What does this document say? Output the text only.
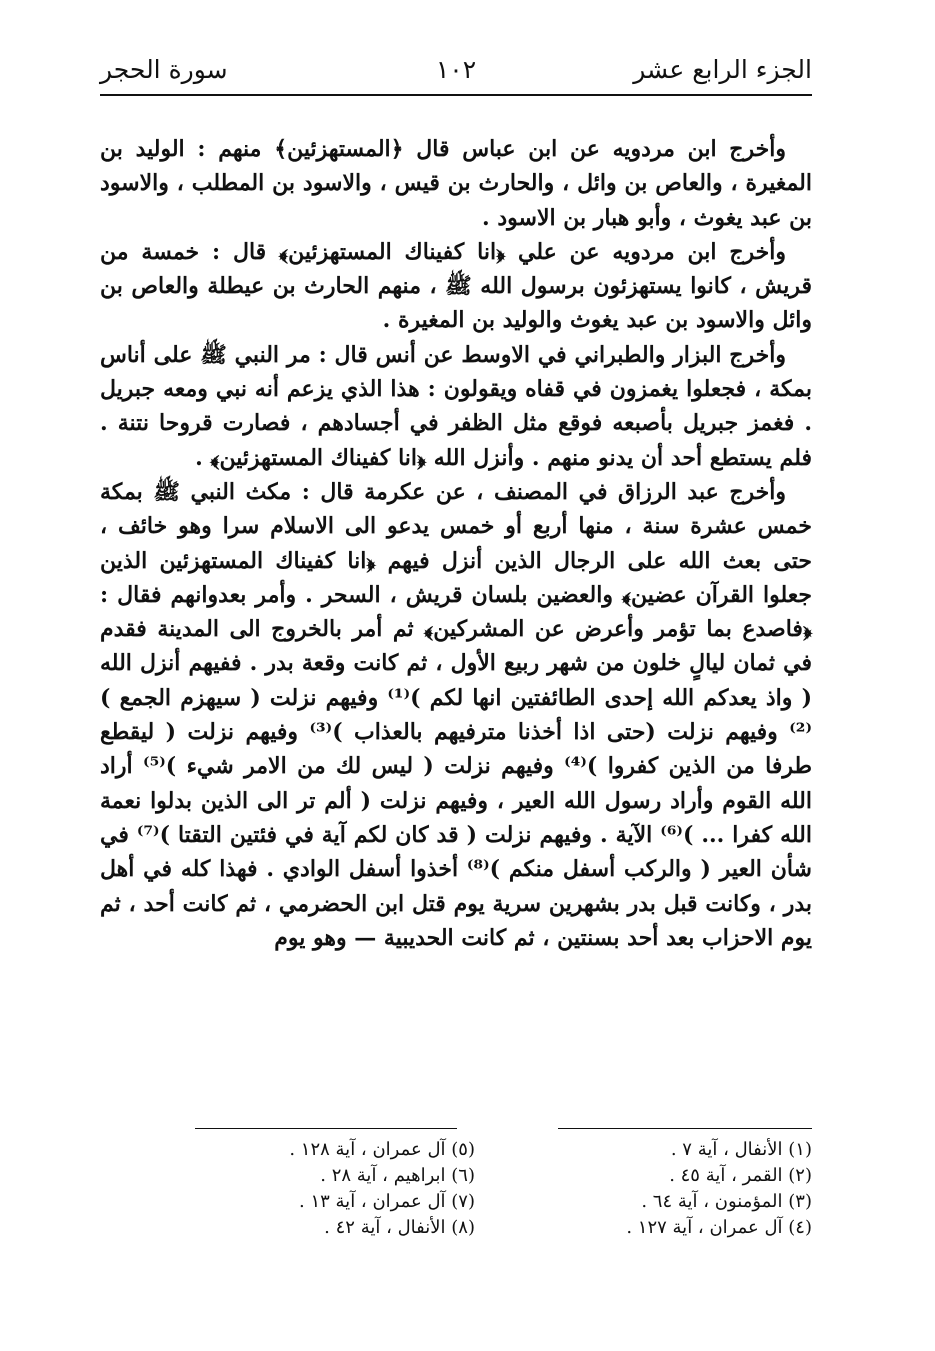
الجزء الرابع عشر
١٠٢
سورة الحجر

وأخرج ابن مردويه عن ابن عباس قال ﴿المستهزئين﴾ منهم : الوليد بن المغيرة ، والعاص بن وائل ، والحارث بن قيس ، والاسود بن المطلب ، والاسود بن عبد يغوث ، وأبو هبار بن الاسود .

وأخرج ابن مردويه عن علي ﴿انا كفيناك المستهزئين﴾ قال : خمسة من قريش ، كانوا يستهزئون برسول الله ﷺ ، منهم الحارث بن عيطلة والعاص بن وائل والاسود بن عبد يغوث والوليد بن المغيرة .

وأخرج البزار والطبراني في الاوسط عن أنس قال : مر النبي ﷺ على أناس بمكة ، فجعلوا يغمزون في قفاه ويقولون : هذا الذي يزعم أنه نبي ومعه جبريل . فغمز جبريل بأصبعه فوقع مثل الظفر في أجسادهم ، فصارت قروحا نتنة . فلم يستطع أحد أن يدنو منهم . وأنزل الله ﴿انا كفيناك المستهزئين﴾ .

وأخرج عبد الرزاق في المصنف ، عن عكرمة قال : مكث النبي ﷺ بمكة خمس عشرة سنة ، منها أربع أو خمس يدعو الى الاسلام سرا وهو خائف ، حتى بعث الله على الرجال الذين أنزل فيهم ﴿انا كفيناك المستهزئين الذين جعلوا القرآن عضين﴾ والعضين بلسان قريش ، السحر . وأمر بعدوانهم فقال : ﴿فاصدع بما تؤمر وأعرض عن المشركين﴾ ثم أمر بالخروج الى المدينة فقدم في ثمان ليالٍ خلون من شهر ربيع الأول ، ثم كانت وقعة بدر . ففيهم أنزل الله ( واذ يعدكم الله إحدى الطائفتين انها لكم )⁽¹⁾ وفيهم نزلت ( سيهزم الجمع )⁽²⁾ وفيهم نزلت (حتى اذا أخذنا مترفيهم بالعذاب )⁽³⁾ وفيهم نزلت ( ليقطع طرفا من الذين كفروا )⁽⁴⁾ وفيهم نزلت ( ليس لك من الامر شيء )⁽⁵⁾ أراد الله القوم وأراد رسول الله العير ، وفيهم نزلت ( ألم تر الى الذين بدلوا نعمة الله كفرا ... )⁽⁶⁾ الآية . وفيهم نزلت ( قد كان لكم آية في فئتين التقتا )⁽⁷⁾ في شأن العير ( والركب أسفل منكم )⁽⁸⁾ أخذوا أسفل الوادي . فهذا كله في أهل بدر ، وكانت قبل بدر بشهرين سرية يوم قتل ابن الحضرمي ، ثم كانت أحد ، ثم يوم الاحزاب بعد أحد بسنتين ، ثم كانت الحديبية — وهو يوم

(١) الأنفال ، آية ٧ .
(٢) القمر ، آية ٤٥ .
(٣) المؤمنون ، آية ٦٤ .
(٤) آل عمران ، آية ١٢٧ .
(٥) آل عمران ، آية ١٢٨ .
(٦) ابراهيم ، آية ٢٨ .
(٧) آل عمران ، آية ١٣ .
(٨) الأنفال ، آية ٤٢ .
